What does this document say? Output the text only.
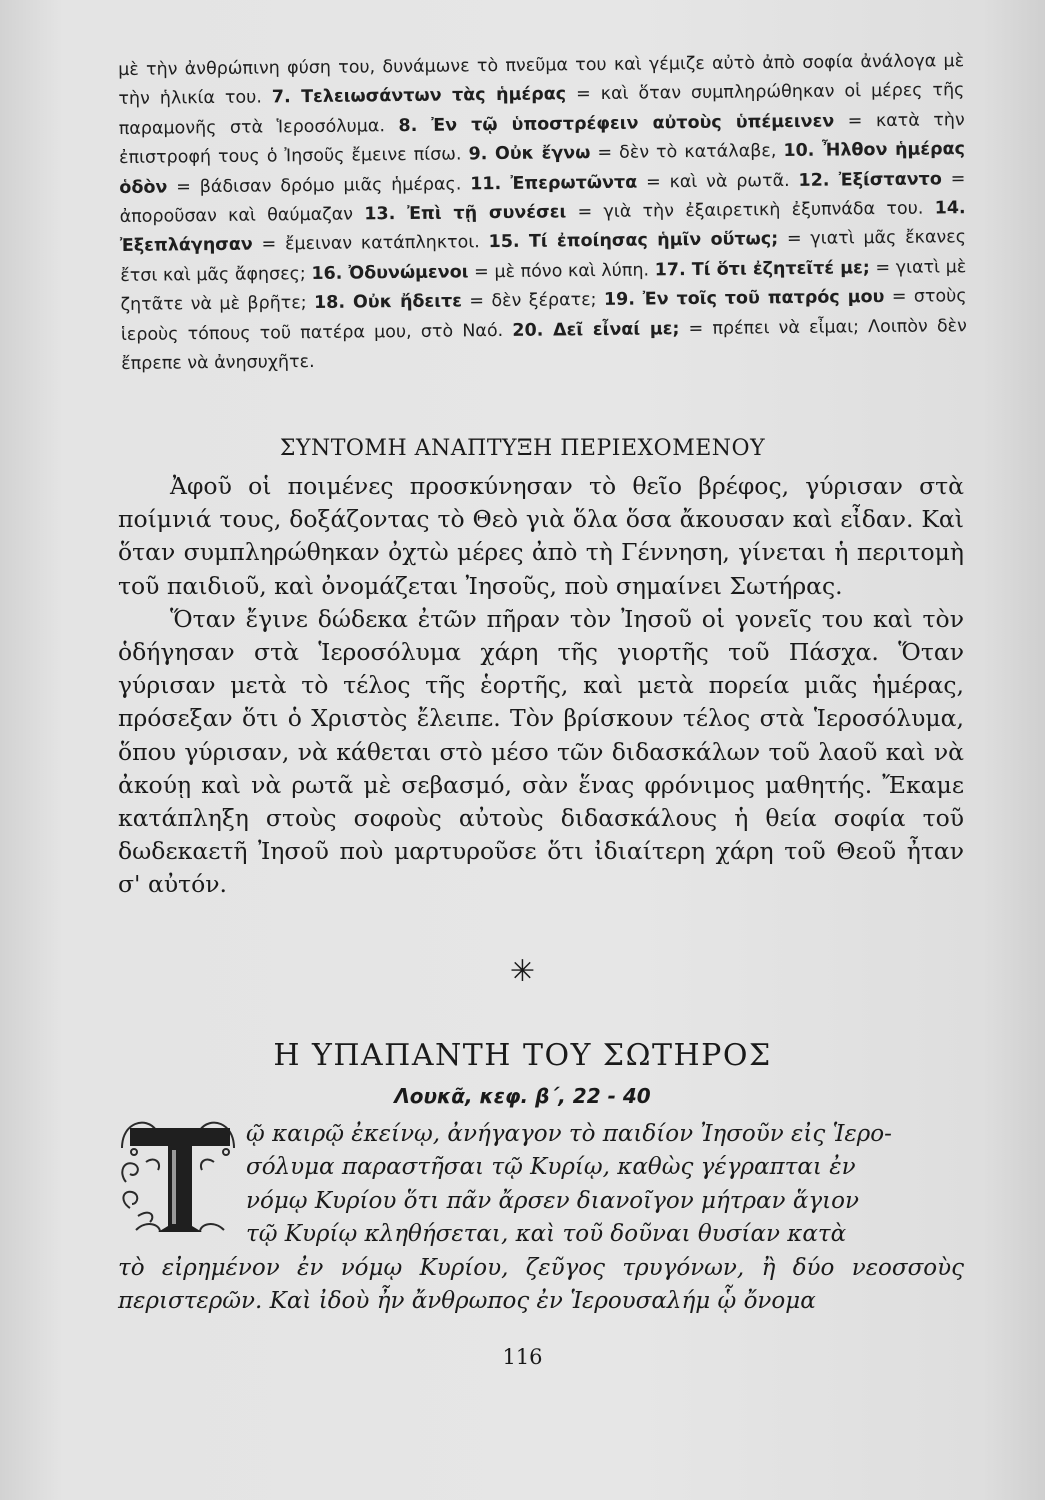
μὲ τὴν ἀνθρώπινη φύση του, δυνάμωνε τὸ πνεῦμα του καὶ γέμιζε αὐτὸ ἀπὸ σοφία ἀνάλογα μὲ τὴν ἡλικία του. 7. Τελειωσάντων τὰς ἡμέρας = καὶ ὅταν συμπληρώθηκαν οἱ μέρες τῆς παραμονῆς στὰ Ἱεροσόλυμα. 8. Ἐν τῷ ὑποστρέφειν αὐτοὺς ὑπέμεινεν = κατὰ τὴν ἐπιστροφή τους ὁ Ἰησοῦς ἔμεινε πίσω. 9. Οὐκ ἔγνω = δὲν τὸ κατάλαβε, 10. Ἦλθον ἡμέρας ὁδὸν = βάδισαν δρόμο μιᾶς ἡμέρας. 11. Ἐπερωτῶντα = καὶ νὰ ρωτᾶ. 12. Ἐξίσταντο = ἀποροῦσαν καὶ θαύμαζαν 13. Ἐπὶ τῇ συνέσει = γιὰ τὴν ἐξαιρετικὴ ἐξυπνάδα του. 14. Ἐξεπλάγησαν = ἔμειναν κατάπληκτοι. 15. Τί ἐποίησας ἡμῖν οὕτως; = γιατὶ μᾶς ἔκανες ἔτσι καὶ μᾶς ἄφησες; 16. Ὀδυνώμενοι = μὲ πόνο καὶ λύπη. 17. Τί ὅτι ἐζητεῖτέ με; = γιατὶ μὲ ζητᾶτε νὰ μὲ βρῆτε; 18. Οὐκ ἤδειτε = δὲν ξέρατε; 19. Ἐν τοῖς τοῦ πατρός μου = στοὺς ἱεροὺς τόπους τοῦ πατέρα μου, στὸ Ναό. 20. Δεῖ εἶναί με; = πρέπει νὰ εἶμαι; Λοιπὸν δὲν ἔπρεπε νὰ ἀνησυχῆτε.
ΣΥΝΤΟΜΗ ΑΝΑΠΤΥΞΗ ΠΕΡΙΕΧΟΜΕΝΟΥ

Ἀφοῦ οἱ ποιμένες προσκύνησαν τὸ θεῖο βρέφος, γύρισαν στὰ ποίμνιά τους, δοξάζοντας τὸ Θεὸ γιὰ ὅλα ὅσα ἄκουσαν καὶ εἶδαν. Καὶ ὅταν συμπληρώθηκαν ὀχτὼ μέρες ἀπὸ τὴ Γέννηση, γίνεται ἡ περιτομὴ τοῦ παιδιοῦ, καὶ ὀνομάζεται Ἰησοῦς, ποὺ σημαίνει Σωτήρας.

Ὅταν ἔγινε δώδεκα ἐτῶν πῆραν τὸν Ἰησοῦ οἱ γονεῖς του καὶ τὸν ὁδήγησαν στὰ Ἱεροσόλυμα χάρη τῆς γιορτῆς τοῦ Πάσχα. Ὅταν γύρισαν μετὰ τὸ τέλος τῆς ἑορτῆς, καὶ μετὰ πορεία μιᾶς ἡμέρας, πρόσεξαν ὅτι ὁ Χριστὸς ἔλειπε. Τὸν βρίσκουν τέλος στὰ Ἱεροσόλυμα, ὅπου γύρισαν, νὰ κάθεται στὸ μέσο τῶν διδασκάλων τοῦ λαοῦ καὶ νὰ ἀκούῃ καὶ νὰ ρωτᾶ μὲ σεβασμό, σὰν ἕνας φρόνιμος μαθητής. Ἔκαμε κατάπληξη στοὺς σοφοὺς αὐτοὺς διδασκάλους ἡ θεία σοφία τοῦ δωδεκαετῆ Ἰησοῦ ποὺ μαρτυροῦσε ὅτι ἰδιαίτερη χάρη τοῦ Θεοῦ ἦταν σ' αὐτόν.

✳
Η ΥΠΑΠΑΝΤΗ ΤΟΥ ΣΩΤΗΡΟΣ
Λουκᾶ, κεφ. β΄, 22 - 40
ῷ καιρῷ ἐκείνῳ, ἀνήγαγον τὸ παιδίον Ἰησοῦν εἰς Ἱερο-
σόλυμα παραστῆσαι τῷ Κυρίῳ, καθὼς γέγραπται ἐν
νόμῳ Κυρίου ὅτι πᾶν ἄρσεν διανοῖγον μήτραν ἅγιον
τῷ Κυρίῳ κληθήσεται, καὶ τοῦ δοῦναι θυσίαν κατὰ
τὸ εἰρημένον ἐν νόμῳ Κυρίου, ζεῦγος τρυγόνων, ἢ δύο νεοσσοὺς περιστερῶν. Καὶ ἰδοὺ ἦν ἄνθρωπος ἐν Ἱερουσαλήμ ᾧ ὄνομα
116
